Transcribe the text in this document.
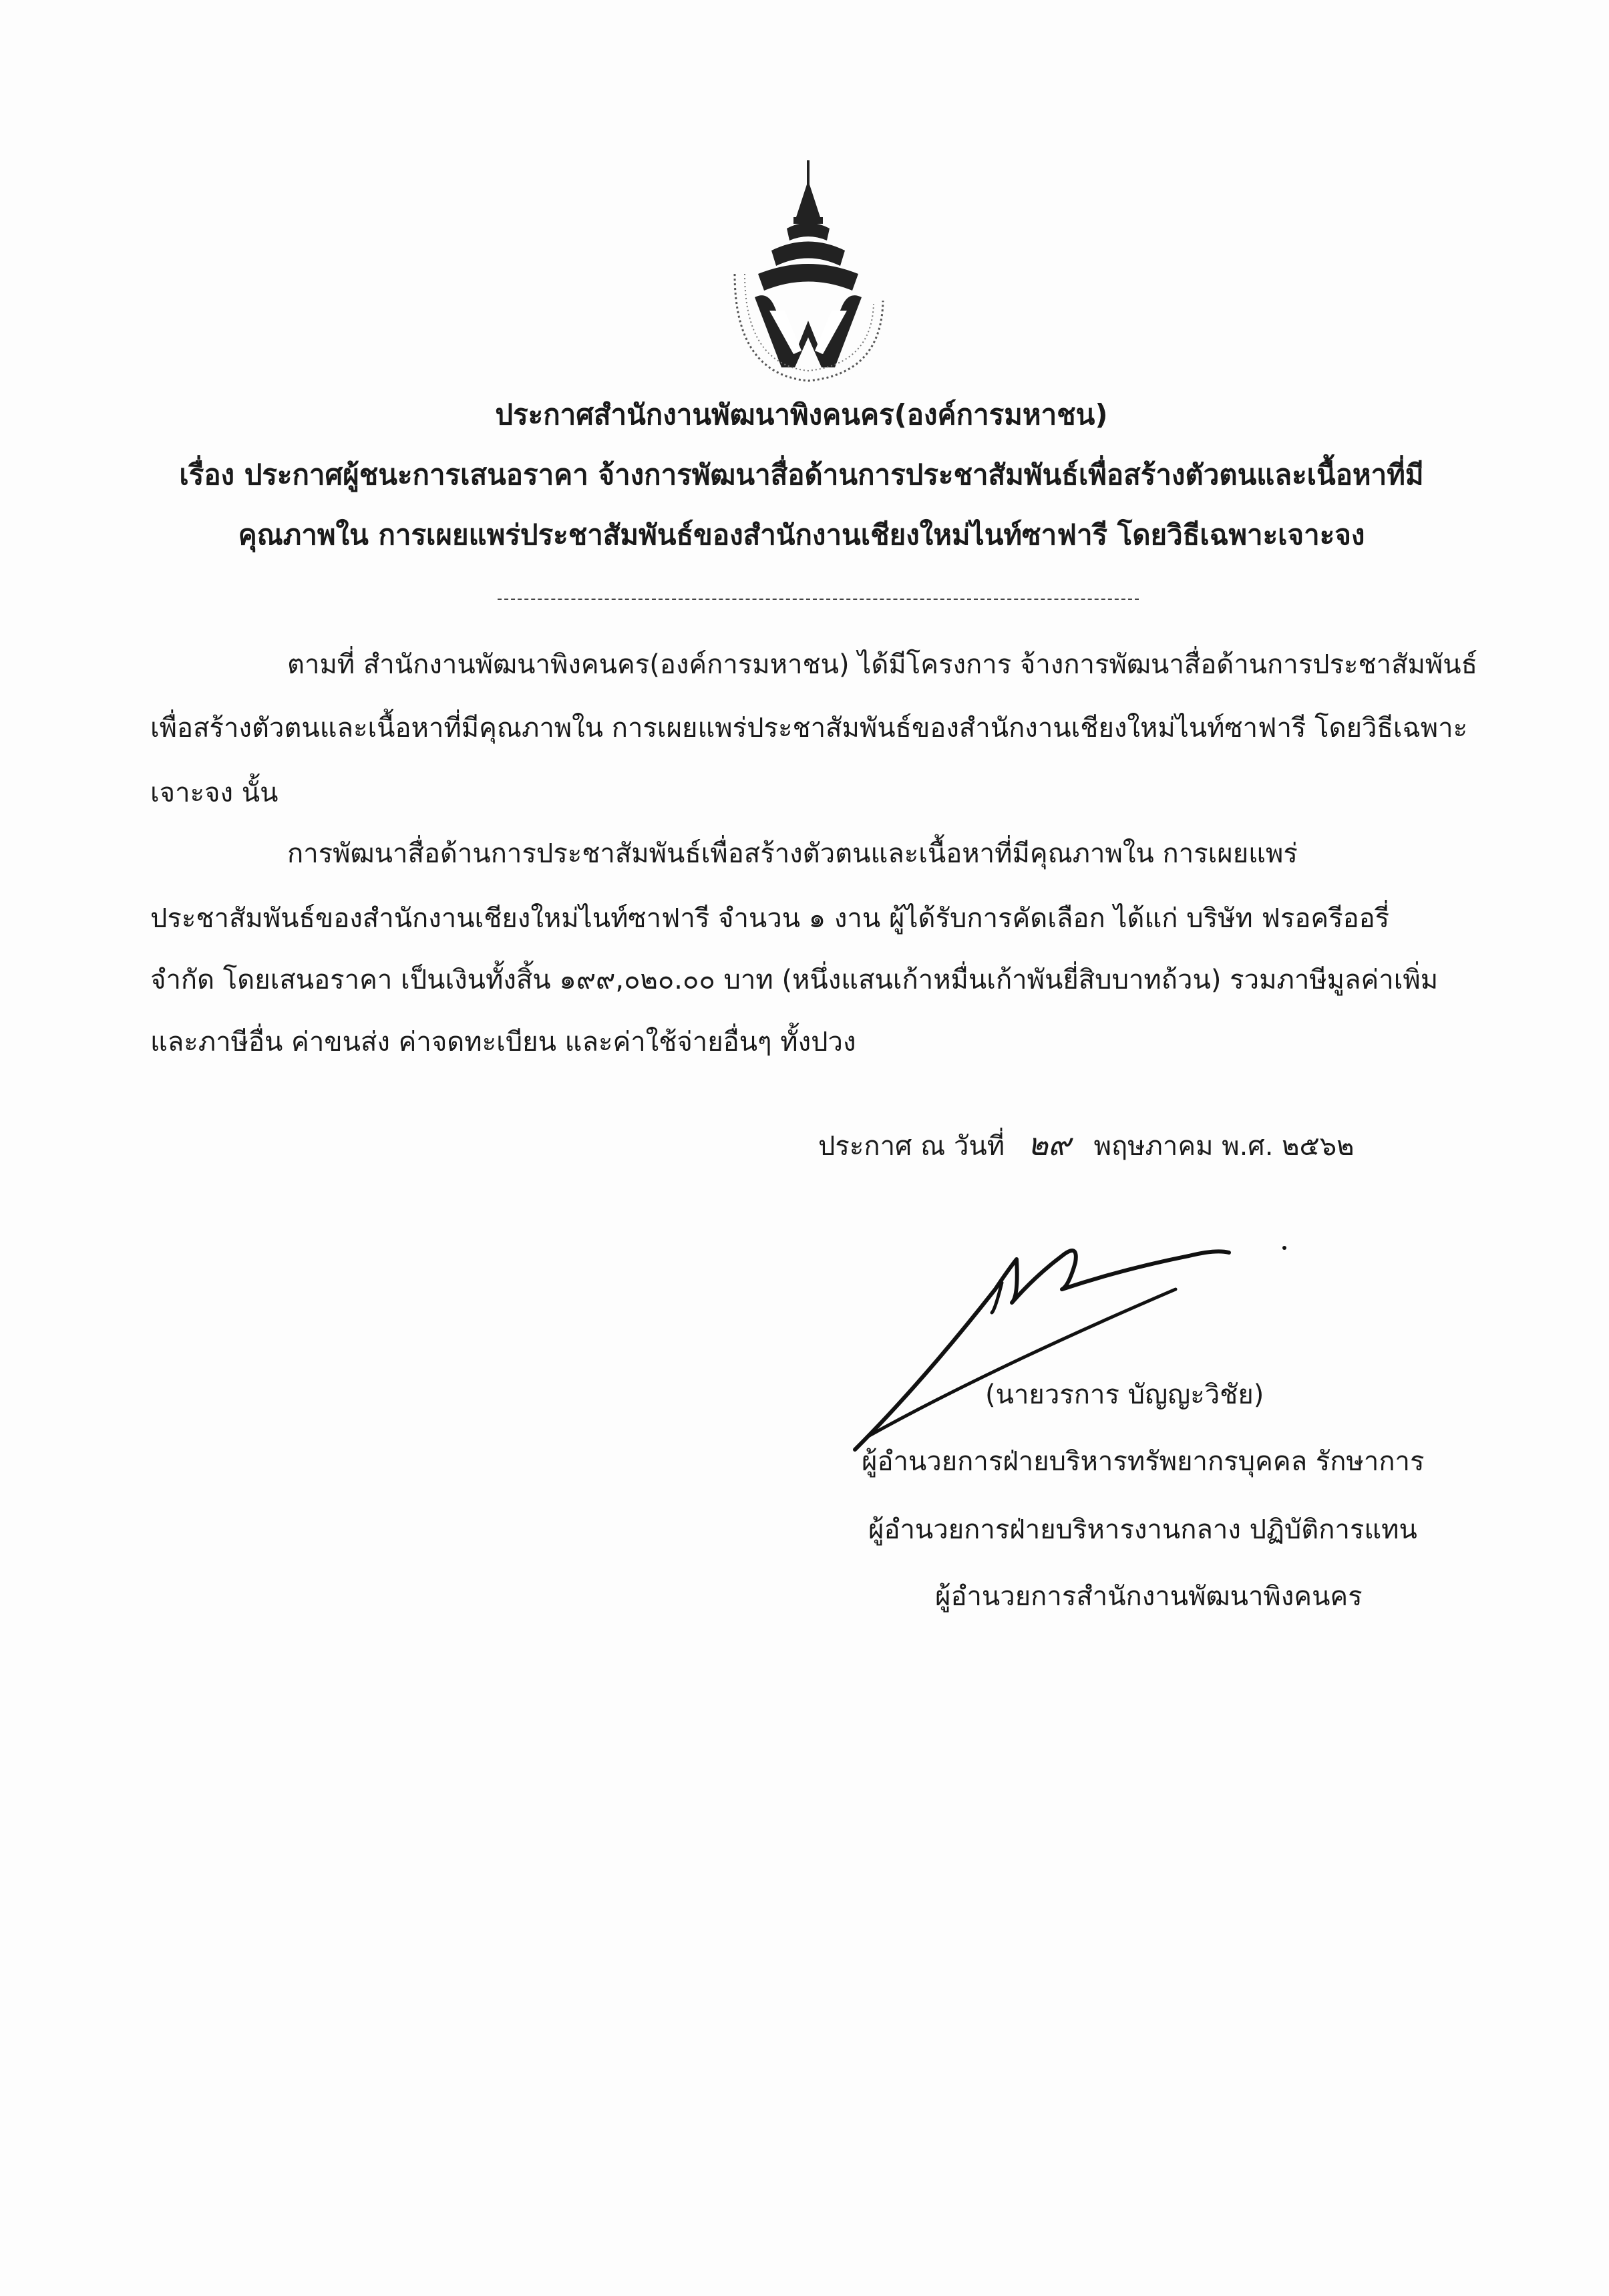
ประกาศสำนักงานพัฒนาพิงคนคร(องค์การมหาชน)
เรื่อง ประกาศผู้ชนะการเสนอราคา จ้างการพัฒนาสื่อด้านการประชาสัมพันธ์เพื่อสร้างตัวตนและเนื้อหาที่มี
คุณภาพใน การเผยแพร่ประชาสัมพันธ์ของสำนักงานเชียงใหม่ไนท์ซาฟารี โดยวิธีเฉพาะเจาะจง
ตามที่ สำนักงานพัฒนาพิงคนคร(องค์การมหาชน) ได้มีโครงการ จ้างการพัฒนาสื่อด้านการประชาสัมพันธ์
เพื่อสร้างตัวตนและเนื้อหาที่มีคุณภาพใน การเผยแพร่ประชาสัมพันธ์ของสำนักงานเชียงใหม่ไนท์ซาฟารี โดยวิธีเฉพาะ
เจาะจง นั้น
การพัฒนาสื่อด้านการประชาสัมพันธ์เพื่อสร้างตัวตนและเนื้อหาที่มีคุณภาพใน การเผยแพร่
ประชาสัมพันธ์ของสำนักงานเชียงใหม่ไนท์ซาฟารี จำนวน ๑ งาน ผู้ได้รับการคัดเลือก ได้แก่ บริษัท ฟรอครีออรี่
จำกัด โดยเสนอราคา เป็นเงินทั้งสิ้น ๑๙๙,๐๒๐.๐๐ บาท (หนึ่งแสนเก้าหมื่นเก้าพันยี่สิบบาทถ้วน) รวมภาษีมูลค่าเพิ่ม
และภาษีอื่น ค่าขนส่ง ค่าจดทะเบียน และค่าใช้จ่ายอื่นๆ ทั้งปวง
ประกาศ ณ วันที่ ๒๙ พฤษภาคม พ.ศ. ๒๕๖๒
(นายวรการ บัญญะวิชัย)
ผู้อำนวยการฝ่ายบริหารทรัพยากรบุคคล รักษาการ
ผู้อำนวยการฝ่ายบริหารงานกลาง ปฏิบัติการแทน
ผู้อำนวยการสำนักงานพัฒนาพิงคนคร
